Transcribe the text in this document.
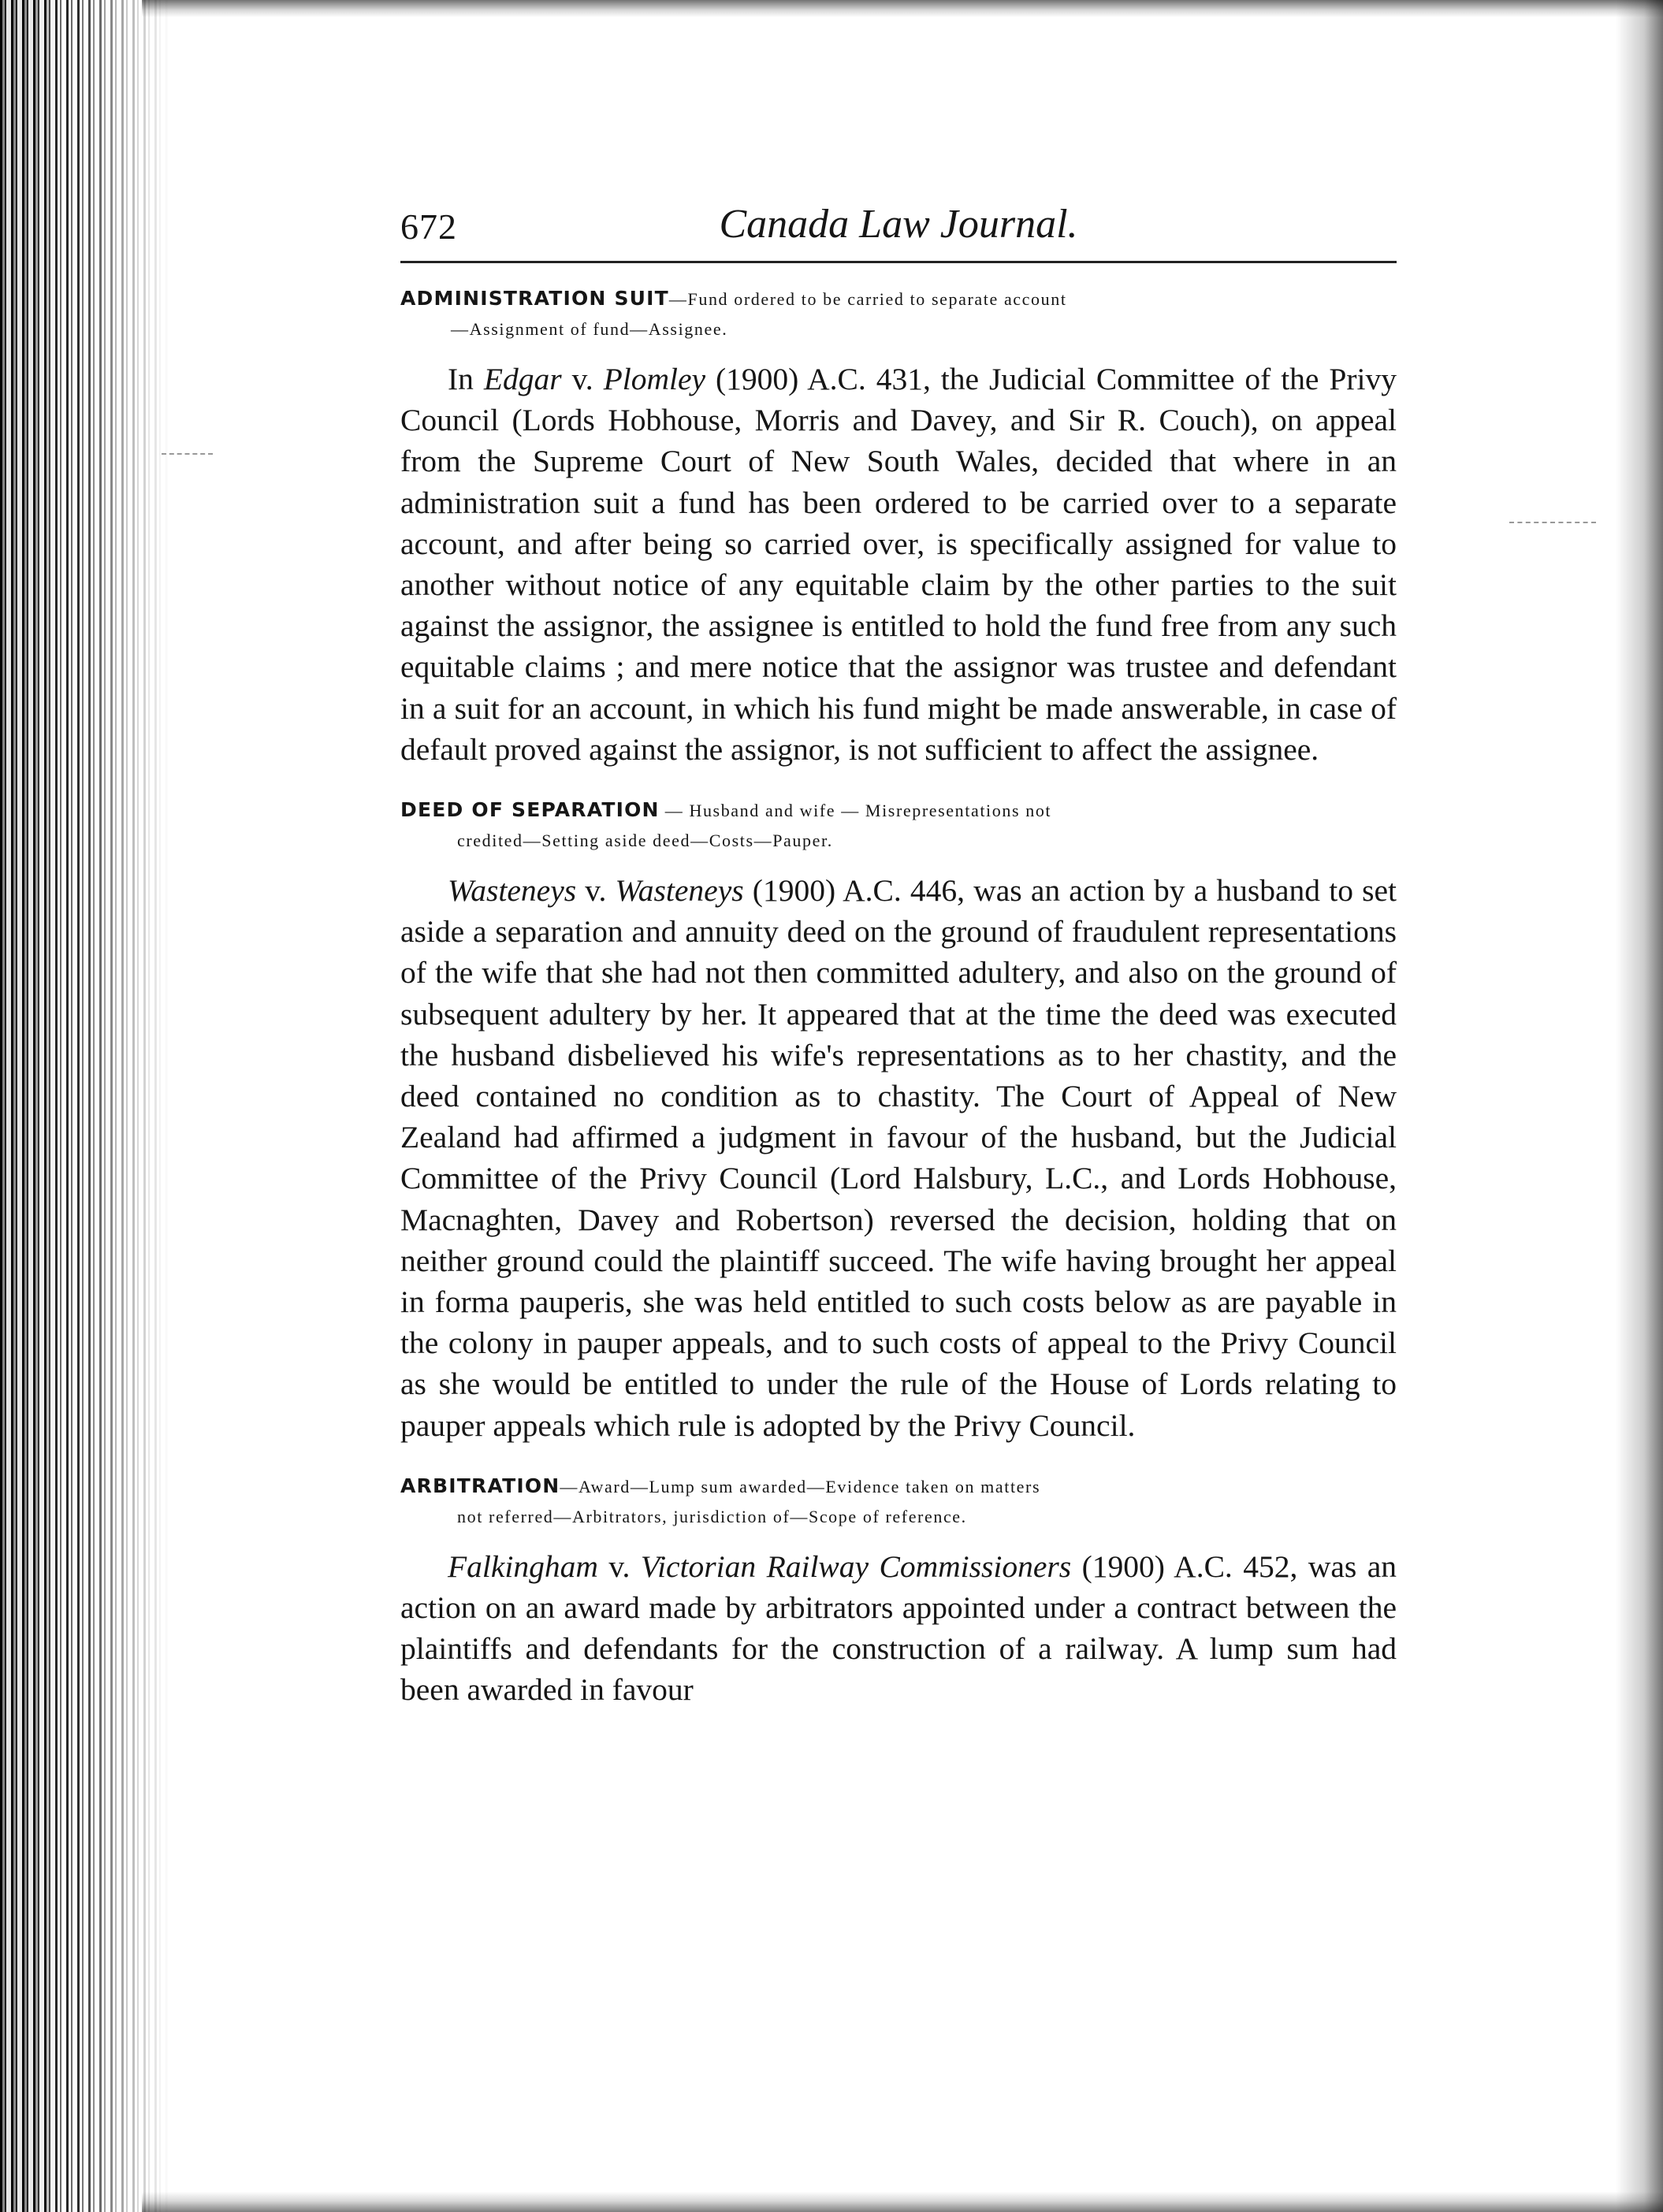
672	Canada Law Journal.
ADMINISTRATION SUIT—Fund ordered to be carried to separate account
—Assignment of fund—Assignee.

In Edgar v. Plomley (1900) A.C. 431, the Judicial Committee of the Privy Council (Lords Hobhouse, Morris and Davey, and Sir R. Couch), on appeal from the Supreme Court of New South Wales, decided that where in an administration suit a fund has been ordered to be carried over to a separate account, and after being so carried over, is specifically assigned for value to another without notice of any equitable claim by the other parties to the suit against the assignor, the assignee is entitled to hold the fund free from any such equitable claims ; and mere notice that the assignor was trustee and defendant in a suit for an account, in which his fund might be made answerable, in case of default proved against the assignor, is not sufficient to affect the assignee.

DEED OF SEPARATION — Husband and wife — Misrepresentations not
credited—Setting aside deed—Costs—Pauper.

Wasteneys v. Wasteneys (1900) A.C. 446, was an action by a husband to set aside a separation and annuity deed on the ground of fraudulent representations of the wife that she had not then committed adultery, and also on the ground of subsequent adultery by her. It appeared that at the time the deed was executed the husband disbelieved his wife's representations as to her chastity, and the deed contained no condition as to chastity. The Court of Appeal of New Zealand had affirmed a judgment in favour of the husband, but the Judicial Committee of the Privy Council (Lord Halsbury, L.C., and Lords Hobhouse, Macnaghten, Davey and Robertson) reversed the decision, holding that on neither ground could the plaintiff succeed. The wife having brought her appeal in forma pauperis, she was held entitled to such costs below as are payable in the colony in pauper appeals, and to such costs of appeal to the Privy Council as she would be entitled to under the rule of the House of Lords relating to pauper appeals which rule is adopted by the Privy Council.

ARBITRATION—Award—Lump sum awarded—Evidence taken on matters
not referred—Arbitrators, jurisdiction of—Scope of reference.

Falkingham v. Victorian Railway Commissioners (1900) A.C. 452, was an action on an award made by arbitrators appointed under a contract between the plaintiffs and defendants for the construction of a railway. A lump sum had been awarded in favour
